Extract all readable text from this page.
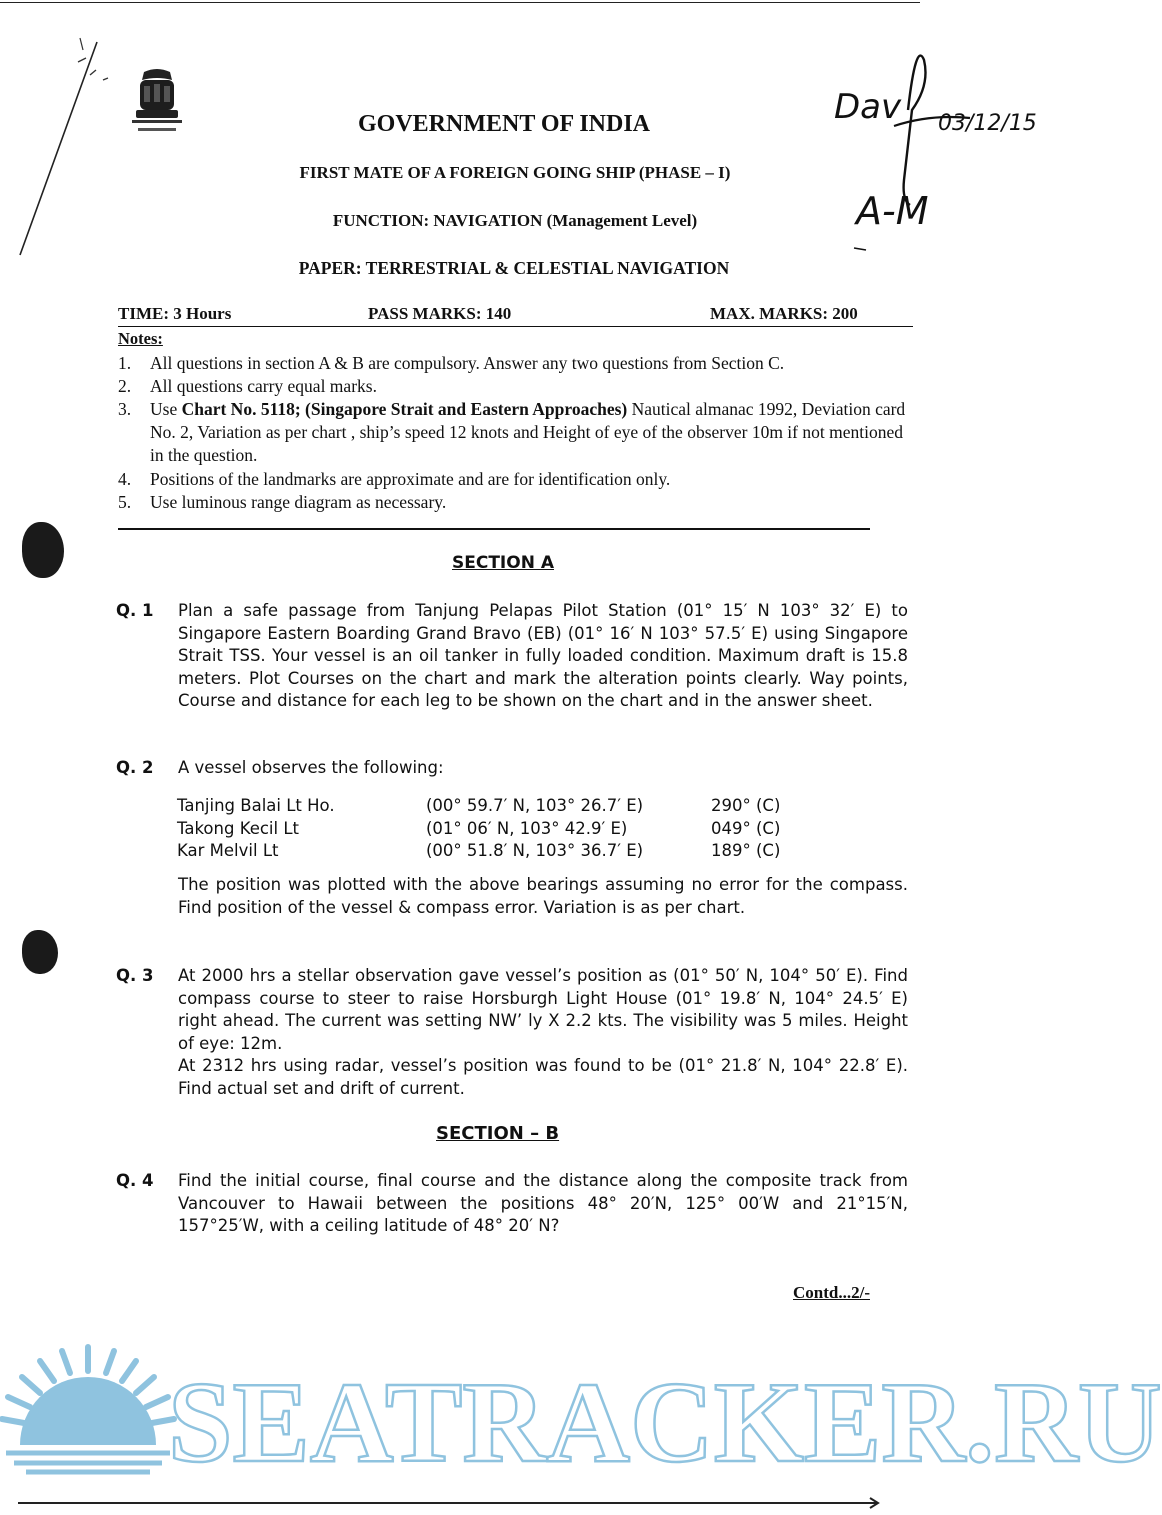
Dav 03/12/15
A-M
GOVERNMENT OF INDIA
FIRST MATE OF A FOREIGN GOING SHIP (PHASE – I)
FUNCTION: NAVIGATION (Management Level)
PAPER: TERRESTRIAL & CELESTIAL NAVIGATION
TIME: 3 Hours	PASS MARKS: 140	MAX. MARKS: 200
Notes:
1. All questions in section A & B are compulsory. Answer any two questions from Section C.
2. All questions carry equal marks.
3. Use Chart No. 5118; (Singapore Strait and Eastern Approaches) Nautical almanac 1992, Deviation card No. 2, Variation as per chart , ship’s speed 12 knots and Height of eye of the observer 10m if not mentioned in the question.
4. Positions of the landmarks are approximate and are for identification only.
5. Use luminous range diagram as necessary.
SECTION A
Q. 1 Plan a safe passage from Tanjung Pelapas Pilot Station (01° 15′ N 103° 32′ E) to Singapore Eastern Boarding Grand Bravo (EB) (01° 16′ N 103° 57.5′ E) using Singapore Strait TSS. Your vessel is an oil tanker in fully loaded condition. Maximum draft is 15.8 meters. Plot Courses on the chart and mark the alteration points clearly. Way points, Course and distance for each leg to be shown on the chart and in the answer sheet.
Q. 2 A vessel observes the following:
Tanjing Balai Lt Ho.	(00° 59.7′ N, 103° 26.7′ E)	290° (C)
Takong Kecil Lt	(01° 06′ N, 103° 42.9′ E)	049° (C)
Kar Melvil Lt	(00° 51.8′ N, 103° 36.7′ E)	189° (C)
The position was plotted with the above bearings assuming no error for the compass. Find position of the vessel & compass error. Variation is as per chart.
Q. 3 At 2000 hrs a stellar observation gave vessel’s position as (01° 50′ N, 104° 50′ E). Find compass course to steer to raise Horsburgh Light House (01° 19.8′ N, 104° 24.5′ E) right ahead. The current was setting NW’ ly X 2.2 kts. The visibility was 5 miles. Height of eye: 12m.
At 2312 hrs using radar, vessel’s position was found to be (01° 21.8′ N, 104° 22.8′ E). Find actual set and drift of current.
SECTION – B
Q. 4 Find the initial course, final course and the distance along the composite track from Vancouver to Hawaii between the positions 48° 20′N, 125° 00′W and 21°15′N, 157°25′W, with a ceiling latitude of 48° 20′ N?
Contd...2/-
SEATRACKER.RU
